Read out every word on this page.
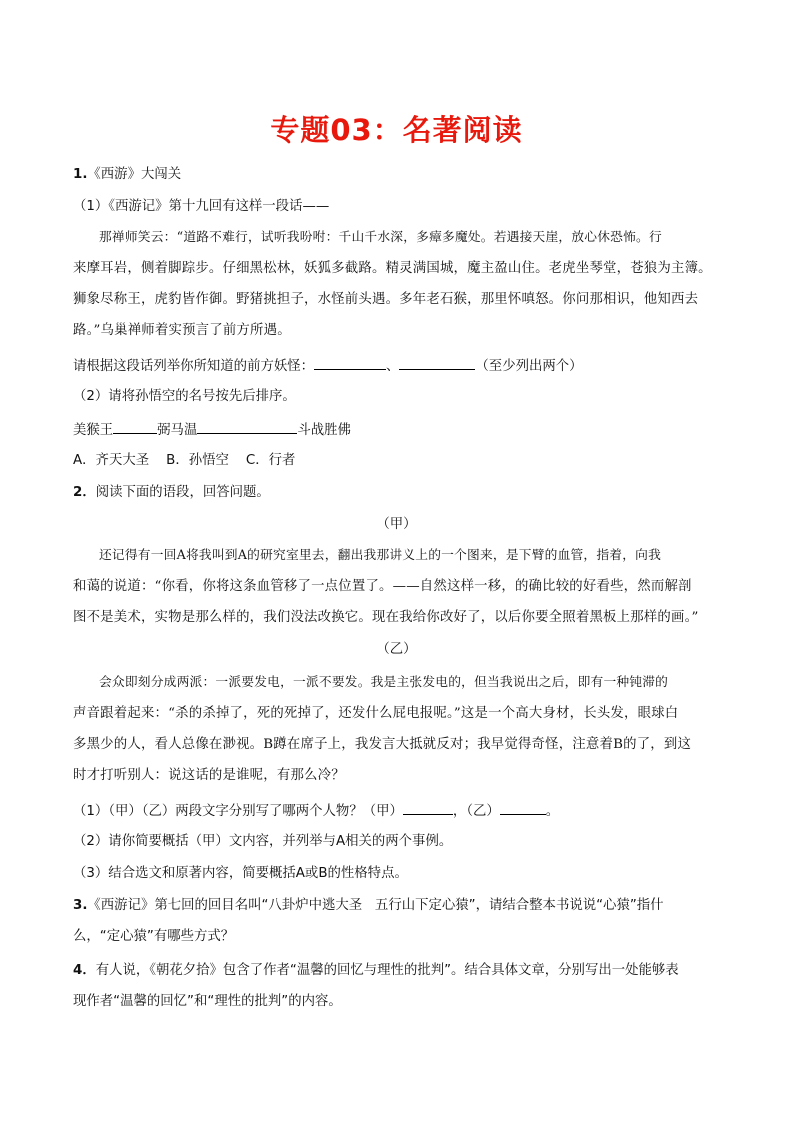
专题03：名著阅读
1.《西游》大闯关
（1）《西游记》第十九回有这样一段话——
那禅师笑云：“道路不难行，试听我吩咐：千山千水深，多瘴多魔处。若遇接天崖，放心休恐怖。行
来摩耳岩，侧着脚踪步。仔细黑松林，妖狐多截路。精灵满国城，魔主盈山住。老虎坐琴堂，苍狼为主簿。
狮象尽称王，虎豹皆作御。野猪挑担子，水怪前头遇。多年老石猴，那里怀嗔怒。你问那相识，他知西去
路。”乌巢禅师着实预言了前方所遇。
请根据这段话列举你所知道的前方妖怪：	、	（至少列出两个）
（2）请将孙悟空的名号按先后排序。
美猴王	弼马温	斗战胜佛
A．齐天大圣    B．孙悟空    C．行者
2．阅读下面的语段，回答问题。
（甲）
还记得有一回A将我叫到A的研究室里去，翻出我那讲义上的一个图来，是下臂的血管，指着，向我
和蔼的说道：“你看，你将这条血管移了一点位置了。——自然这样一移，的确比较的好看些，然而解剖
图不是美术，实物是那么样的，我们没法改换它。现在我给你改好了，以后你要全照着黑板上那样的画。”
（乙）
会众即刻分成两派：一派要发电，一派不要发。我是主张发电的，但当我说出之后，即有一种钝滞的
声音跟着起来：“杀的杀掉了，死的死掉了，还发什么屁电报呢。”这是一个高大身材，长头发，眼球白
多黑少的人，看人总像在渺视。B蹲在席子上，我发言大抵就反对；我早觉得奇怪，注意着B的了，到这
时才打听别人：说这话的是谁呢，有那么冷？
（1）（甲）（乙）两段文字分别写了哪两个人物？（甲）	，（乙）	。
（2）请你简要概括（甲）文内容，并列举与A相关的两个事例。
（3）结合选文和原著内容，简要概括A或B的性格特点。
3.《西游记》第七回的回目名叫“八卦炉中逃大圣   五行山下定心猿”，请结合整本书说说“心猿”指什
么，“定心猿”有哪些方式？
4．有人说，《朝花夕拾》包含了作者“温馨的回忆与理性的批判”。结合具体文章，分别写出一处能够表
现作者“温馨的回忆”和“理性的批判”的内容。
